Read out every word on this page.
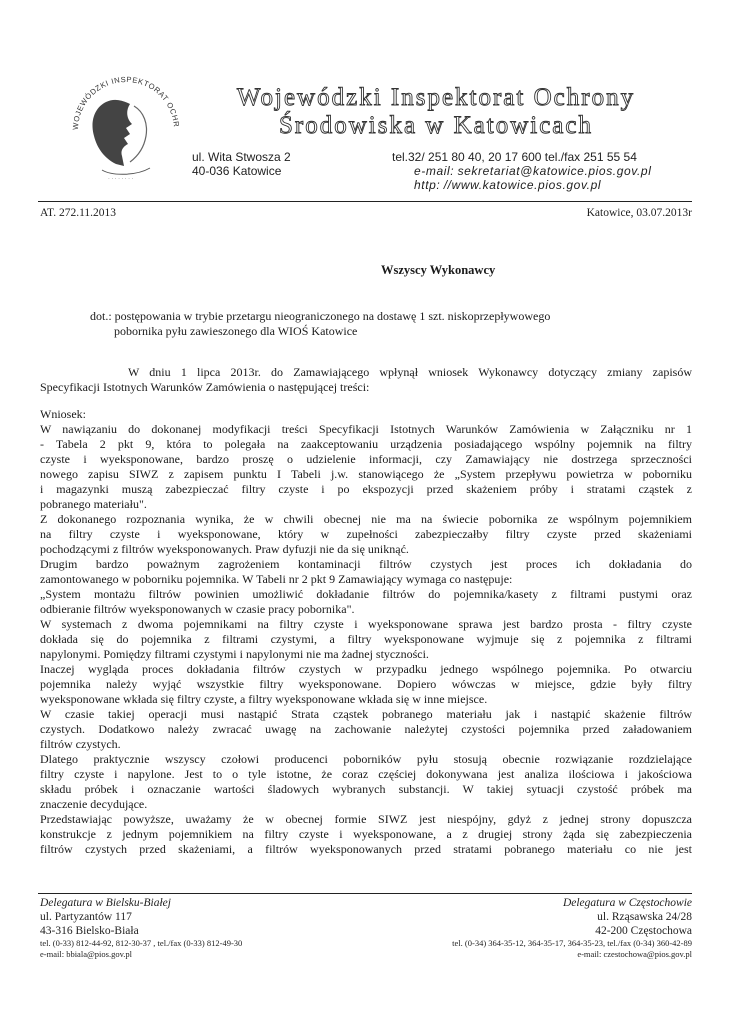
WOJEWÓDZKI INSPEKTORAT OCHR
· · · · · · · ·
Wojewódzki Inspektorat Ochrony
Środowiska w Katowicach
ul. Wita Stwosza 2
40-036 Katowice
tel.32/ 251 80 40, 20 17 600 tel./fax 251 55 54
e-mail: sekretariat@katowice.pios.gov.pl
http: //www.katowice.pios.gov.pl
AT. 272.11.2013	Katowice, 03.07.2013r
Wszyscy Wykonawcy
dot.: postępowania w trybie przetargu nieograniczonego na dostawę 1 szt. niskoprzepływowego
pobornika pyłu zawieszonego dla WIOŚ Katowice
W dniu 1 lipca 2013r. do Zamawiającego wpłynął wniosek Wykonawcy dotyczący zmiany zapisów
Specyfikacji Istotnych Warunków Zamówienia o następującej treści:
Wniosek:
W nawiązaniu do dokonanej modyfikacji treści Specyfikacji Istotnych Warunków Zamówienia w Załączniku nr 1
- Tabela 2 pkt 9, która to polegała na zaakceptowaniu urządzenia posiadającego wspólny pojemnik na filtry
czyste i wyeksponowane, bardzo proszę o udzielenie informacji, czy Zamawiający nie dostrzega sprzeczności
nowego zapisu SIWZ z zapisem punktu I Tabeli j.w. stanowiącego że „System przepływu powietrza w poborniku
i magazynki muszą zabezpieczać filtry czyste i po ekspozycji przed skażeniem próby i stratami cząstek z
pobranego materiału".
Z dokonanego rozpoznania wynika, że w chwili obecnej nie ma na świecie pobornika ze wspólnym pojemnikiem
na filtry czyste i wyeksponowane, który w zupełności zabezpieczałby filtry czyste przed skażeniami
pochodzącymi z filtrów wyeksponowanych. Praw dyfuzji nie da się uniknąć.
Drugim bardzo poważnym zagrożeniem kontaminacji filtrów czystych jest proces ich dokładania do
zamontowanego w poborniku pojemnika. W Tabeli nr 2 pkt 9 Zamawiający wymaga co następuje:
„System montażu filtrów powinien umożliwić dokładanie filtrów do pojemnika/kasety z filtrami pustymi oraz
odbieranie filtrów wyeksponowanych w czasie pracy pobornika".
W systemach z dwoma pojemnikami na filtry czyste i wyeksponowane sprawa jest bardzo prosta - filtry czyste
dokłada się do pojemnika z filtrami czystymi, a filtry wyeksponowane wyjmuje się z pojemnika z filtrami
napylonymi. Pomiędzy filtrami czystymi i napylonymi nie ma żadnej styczności.
Inaczej wygląda proces dokładania filtrów czystych w przypadku jednego wspólnego pojemnika. Po otwarciu
pojemnika należy wyjąć wszystkie filtry wyeksponowane. Dopiero wówczas w miejsce, gdzie były filtry
wyeksponowane wkłada się filtry czyste, a filtry wyeksponowane wkłada się w inne miejsce.
W czasie takiej operacji musi nastąpić Strata cząstek pobranego materiału jak i nastąpić skażenie filtrów
czystych. Dodatkowo należy zwracać uwagę na zachowanie należytej czystości pojemnika przed załadowaniem
filtrów czystych.
Dlatego praktycznie wszyscy czołowi producenci poborników pyłu stosują obecnie rozwiązanie rozdzielające
filtry czyste i napylone. Jest to o tyle istotne, że coraz częściej dokonywana jest analiza ilościowa i jakościowa
składu próbek i oznaczanie wartości śladowych wybranych substancji. W takiej sytuacji czystość próbek ma
znaczenie decydujące.
Przedstawiając powyższe, uważamy że w obecnej formie SIWZ jest niespójny, gdyż z jednej strony dopuszcza
konstrukcje z jednym pojemnikiem na filtry czyste i wyeksponowane, a z drugiej strony żąda się zabezpieczenia
filtrów czystych przed skażeniami, a filtrów wyeksponowanych przed stratami pobranego materiału co nie jest
Delegatura w Bielsku-Białej
ul. Partyzantów 117
43-316 Bielsko-Biała
tel. (0-33) 812-44-92, 812-30-37 , tel./fax (0-33) 812-49-30
e-mail: bbiala@pios.gov.pl
Delegatura w Częstochowie
ul. Rząsawska 24/28
42-200 Częstochowa
tel. (0-34) 364-35-12, 364-35-17, 364-35-23, tel./fax (0-34) 360-42-89
e-mail: czestochowa@pios.gov.pl
